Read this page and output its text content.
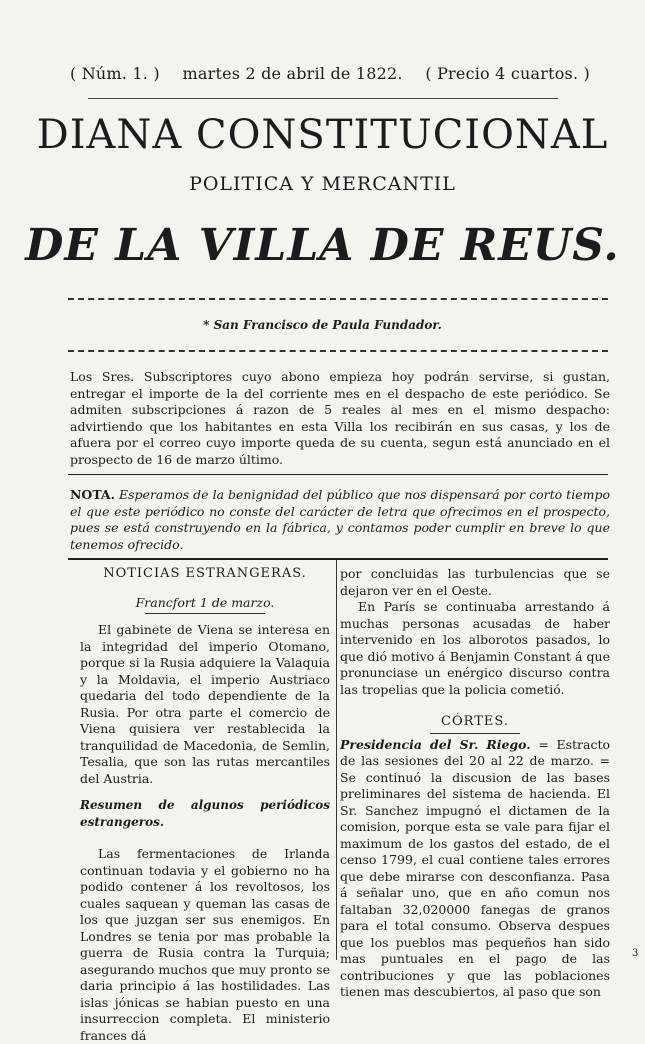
( Núm. 1. ) martes 2 de abril de 1822. ( Precio 4 cuartos. )
DIANA CONSTITUCIONAL
POLITICA Y MERCANTIL
DE LA VILLA DE REUS.
* San Francisco de Paula Fundador.
Los Sres. Subscriptores cuyo abono empieza hoy podrán servirse, si gustan, entregar el importe de la del corriente mes en el despacho de este periódico. Se admiten subscripciones á razon de 5 reales al mes en el mismo despacho: advirtiendo que los habitantes en esta Villa los recibirán en sus casas, y los de afuera por el correo cuyo importe queda de su cuenta, segun está anunciado en el prospecto de 16 de marzo último.
NOTA. Esperamos de la benignidad del público que nos dispensará por corto tiempo el que este periódico no conste del carácter de letra que ofrecimos en el prospecto, pues se está construyendo en la fábrica, y contamos poder cumplir en breve lo que tenemos ofrecido.
NOTICIAS ESTRANGERAS.
Francfort 1 de marzo.

El gabinete de Viena se interesa en la integridad del imperio Otomano, porque si la Rusia adquiere la Valaquia y la Moldavia, el imperio Austriaco quedaria del todo dependiente de la Rusia. Por otra parte el comercio de Viena quisiera ver restablecida la tranquilidad de Macedonia, de Semlin, Tesalia, que son las rutas mercantiles del Austria.

Resumen de algunos periódicos estrangeros.

Las fermentaciones de Irlanda continuan todavia y el gobierno no ha podido contener á los revoltosos, los cuales saquean y queman las casas de los que juzgan ser sus enemigos. En Londres se tenia por mas probable la guerra de Rusia contra la Turquia; asegurando muchos que muy pronto se daria principio á las hostilidades. Las islas jónicas se habian puesto en una insurreccion completa. El ministerio frances dá

por concluidas las turbulencias que se dejaron ver en el Oeste.

En París se continuaba arrestando á muchas personas acusadas de haber intervenido en los alborotos pasados, lo que dió motivo á Benjamin Constant á que pronunciase un enérgico discurso contra las tropelias que la policia cometió.

CÓRTES.

Presidencia del Sr. Riego. = Estracto de las sesiones del 20 al 22 de marzo. = Se continuó la discusion de las bases preliminares del sistema de hacienda. El Sr. Sanchez impugnó el dictamen de la comision, porque esta se vale para fijar el maximum de los gastos del estado, de el censo 1799, el cual contiene tales errores que debe mirarse con desconfianza. Pasa á señalar uno, que en año comun nos faltaban 32,020000 fanegas de granos para el total consumo. Observa despues que los pueblos mas pequeños han sido mas puntuales en el pago de las contribuciones y que las poblaciones tienen mas descubiertos, al paso que son

3
